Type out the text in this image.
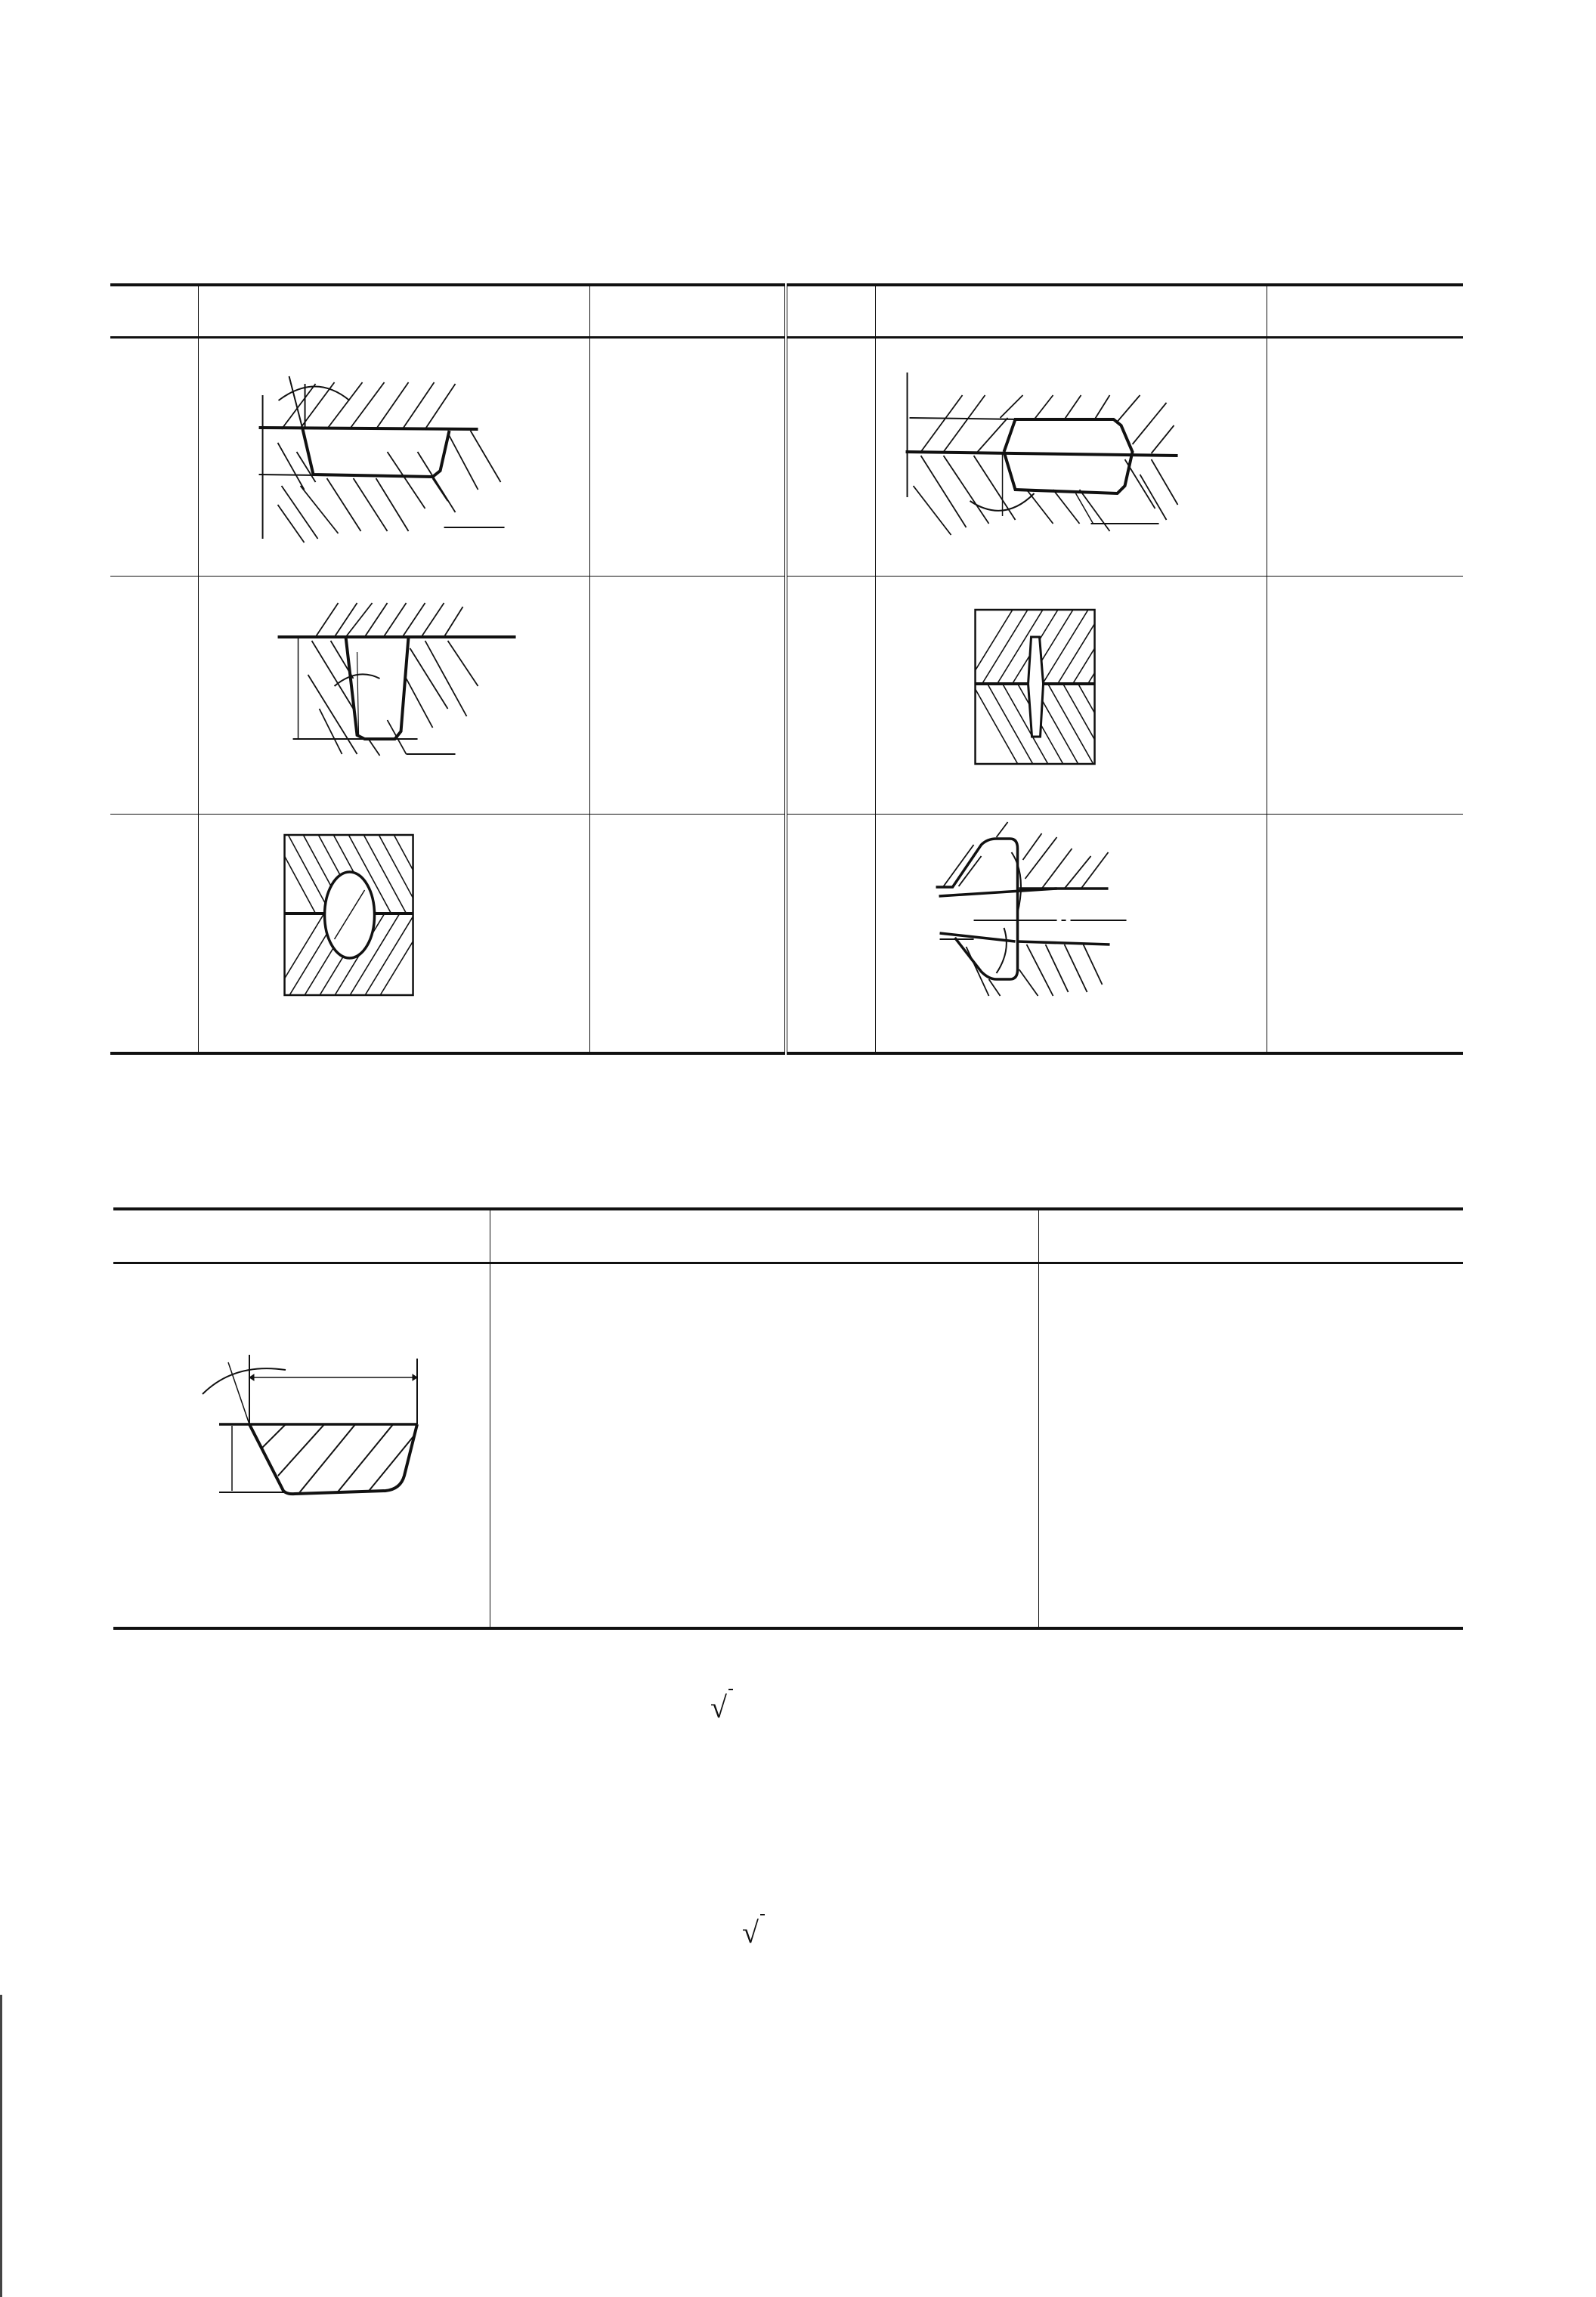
√
√
